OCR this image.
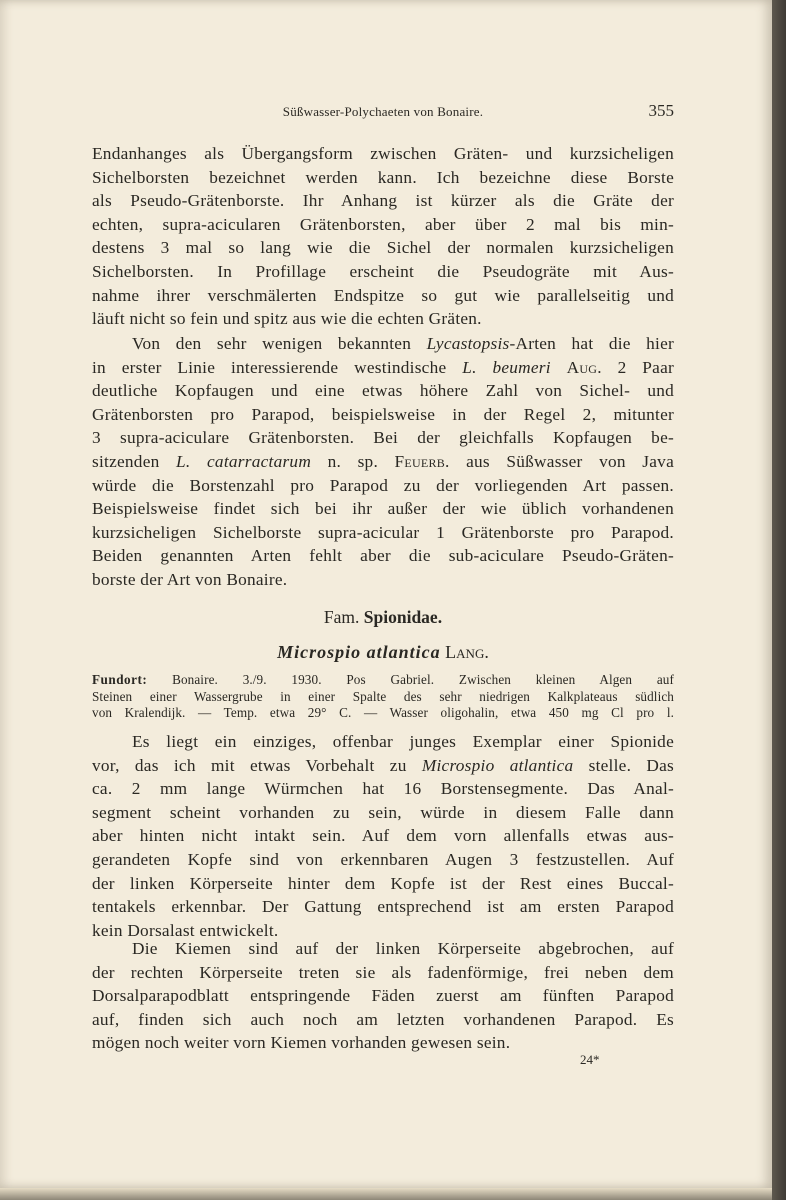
Süßwasser-Polychaeten von Bonaire.	355

Endanhanges als Übergangsform zwischen Gräten- und kurzsicheligen
Sichelborsten bezeichnet werden kann. Ich bezeichne diese Borste
als Pseudo-Grätenborste. Ihr Anhang ist kürzer als die Gräte der
echten, supra-acicularen Grätenborsten, aber über 2 mal bis min-
destens 3 mal so lang wie die Sichel der normalen kurzsicheligen
Sichelborsten. In Profillage erscheint die Pseudogräte mit Aus-
nahme ihrer verschmälerten Endspitze so gut wie parallelseitig und
läuft nicht so fein und spitz aus wie die echten Gräten.

Von den sehr wenigen bekannten Lycastopsis-Arten hat die hier
in erster Linie interessierende westindische L. beumeri Aug. 2 Paar
deutliche Kopfaugen und eine etwas höhere Zahl von Sichel- und
Grätenborsten pro Parapod, beispielsweise in der Regel 2, mitunter
3 supra-aciculare Grätenborsten. Bei der gleichfalls Kopfaugen be-
sitzenden L. catarractarum n. sp. Feuerb. aus Süßwasser von Java
würde die Borstenzahl pro Parapod zu der vorliegenden Art passen.
Beispielsweise findet sich bei ihr außer der wie üblich vorhandenen
kurzsicheligen Sichelborste supra-acicular 1 Grätenborste pro Parapod.
Beiden genannten Arten fehlt aber die sub-aciculare Pseudo-Gräten-
borste der Art von Bonaire.

Fam. Spionidae.
Microspio atlantica Lang.
Fundort: Bonaire. 3./9. 1930. Pos Gabriel. Zwischen kleinen Algen auf
Steinen einer Wassergrube in einer Spalte des sehr niedrigen Kalkplateaus südlich
von Kralendijk. — Temp. etwa 29° C. — Wasser oligohalin, etwa 450 mg Cl pro l.

Es liegt ein einziges, offenbar junges Exemplar einer Spionide
vor, das ich mit etwas Vorbehalt zu Microspio atlantica stelle. Das
ca. 2 mm lange Würmchen hat 16 Borstensegmente. Das Anal-
segment scheint vorhanden zu sein, würde in diesem Falle dann
aber hinten nicht intakt sein. Auf dem vorn allenfalls etwas aus-
gerandeten Kopfe sind von erkennbaren Augen 3 festzustellen. Auf
der linken Körperseite hinter dem Kopfe ist der Rest eines Buccal-
tentakels erkennbar. Der Gattung entsprechend ist am ersten Parapod
kein Dorsalast entwickelt.

Die Kiemen sind auf der linken Körperseite abgebrochen, auf
der rechten Körperseite treten sie als fadenförmige, frei neben dem
Dorsalparapodblatt entspringende Fäden zuerst am fünften Parapod
auf, finden sich auch noch am letzten vorhandenen Parapod. Es
mögen noch weiter vorn Kiemen vorhanden gewesen sein.

24*
